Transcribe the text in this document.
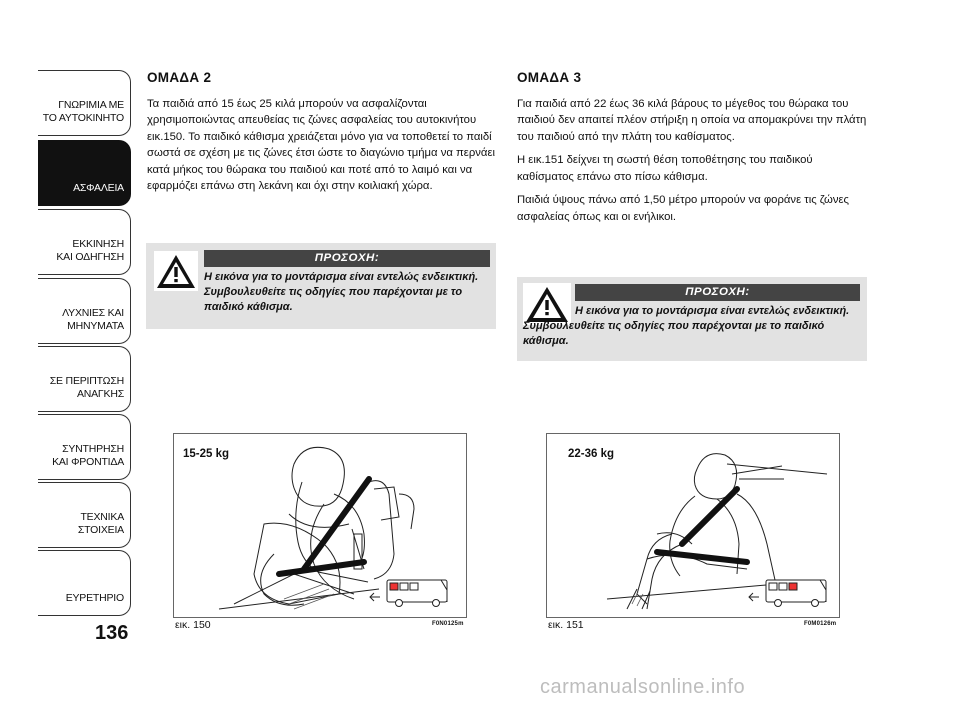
ΓΝΩΡΙΜΙΑ ΜΕ
ΤΟ ΑΥΤΟΚΙΝΗΤΟ
ΑΣΦΑΛΕΙΑ
ΕΚΚΙΝΗΣΗ
ΚΑΙ ΟΔΗΓΗΣΗ
ΛΥΧΝΙΕΣ ΚΑΙ
ΜΗΝΥΜΑΤΑ
ΣΕ ΠΕΡΙΠΤΩΣΗ
ΑΝΑΓΚΗΣ
ΣΥΝΤΗΡΗΣΗ
ΚΑΙ ΦΡΟΝΤΙΔΑ
ΤΕΧΝΙΚΑ
ΣΤΟΙΧΕΙΑ
ΕΥΡΕΤΗΡΙΟ
136
ΟΜΑΔΑ 2

Τα παιδιά από 15 έως 25 κιλά μπορούν να ασφαλίζονται χρησιμοποιώντας απευθείας τις ζώνες ασφαλείας του αυτοκινήτου εικ.150. Το παιδικό κάθισμα χρειάζεται μόνο για να τοποθετεί το παιδί σωστά σε σχέση με τις ζώνες έτσι ώστε το διαγώνιο τμήμα να περνάει κατά μήκος του θώρακα του παιδιού και ποτέ από το λαιμό και να εφαρμόζει επάνω στη λεκάνη και όχι στην κοιλιακή χώρα.

ΠΡΟΣΟΧΗ:
Η εικόνα για το μοντάρισμα είναι εντελώς ενδεικτική. Συμβουλευθείτε τις οδηγίες που παρέχονται με το παιδικό κάθισμα.
15-25 kg
εικ. 150	F0N0125m
ΟΜΑΔΑ 3

Για παιδιά από 22 έως 36 κιλά βάρους το μέγεθος του θώρακα του παιδιού δεν απαιτεί πλέον στήριξη η οποία να απομακρύνει την πλάτη του παιδιού από την πλάτη του καθίσματος.

Η εικ.151 δείχνει τη σωστή θέση τοποθέτησης του παιδικού καθίσματος επάνω στο πίσω κάθισμα.

Παιδιά ύψους πάνω από 1,50 μέτρο μπορούν να φοράνε τις ζώνες ασφαλείας όπως και οι ενήλικοι.

ΠΡΟΣΟΧΗ:
Η εικόνα για το μοντάρισμα είναι εντελώς ενδεικτική. Συμβουλευθείτε τις οδηγίες που παρέχονται με το παιδικό κάθισμα.
22-36 kg
εικ. 151	F0M0126m
carmanualsonline.info
